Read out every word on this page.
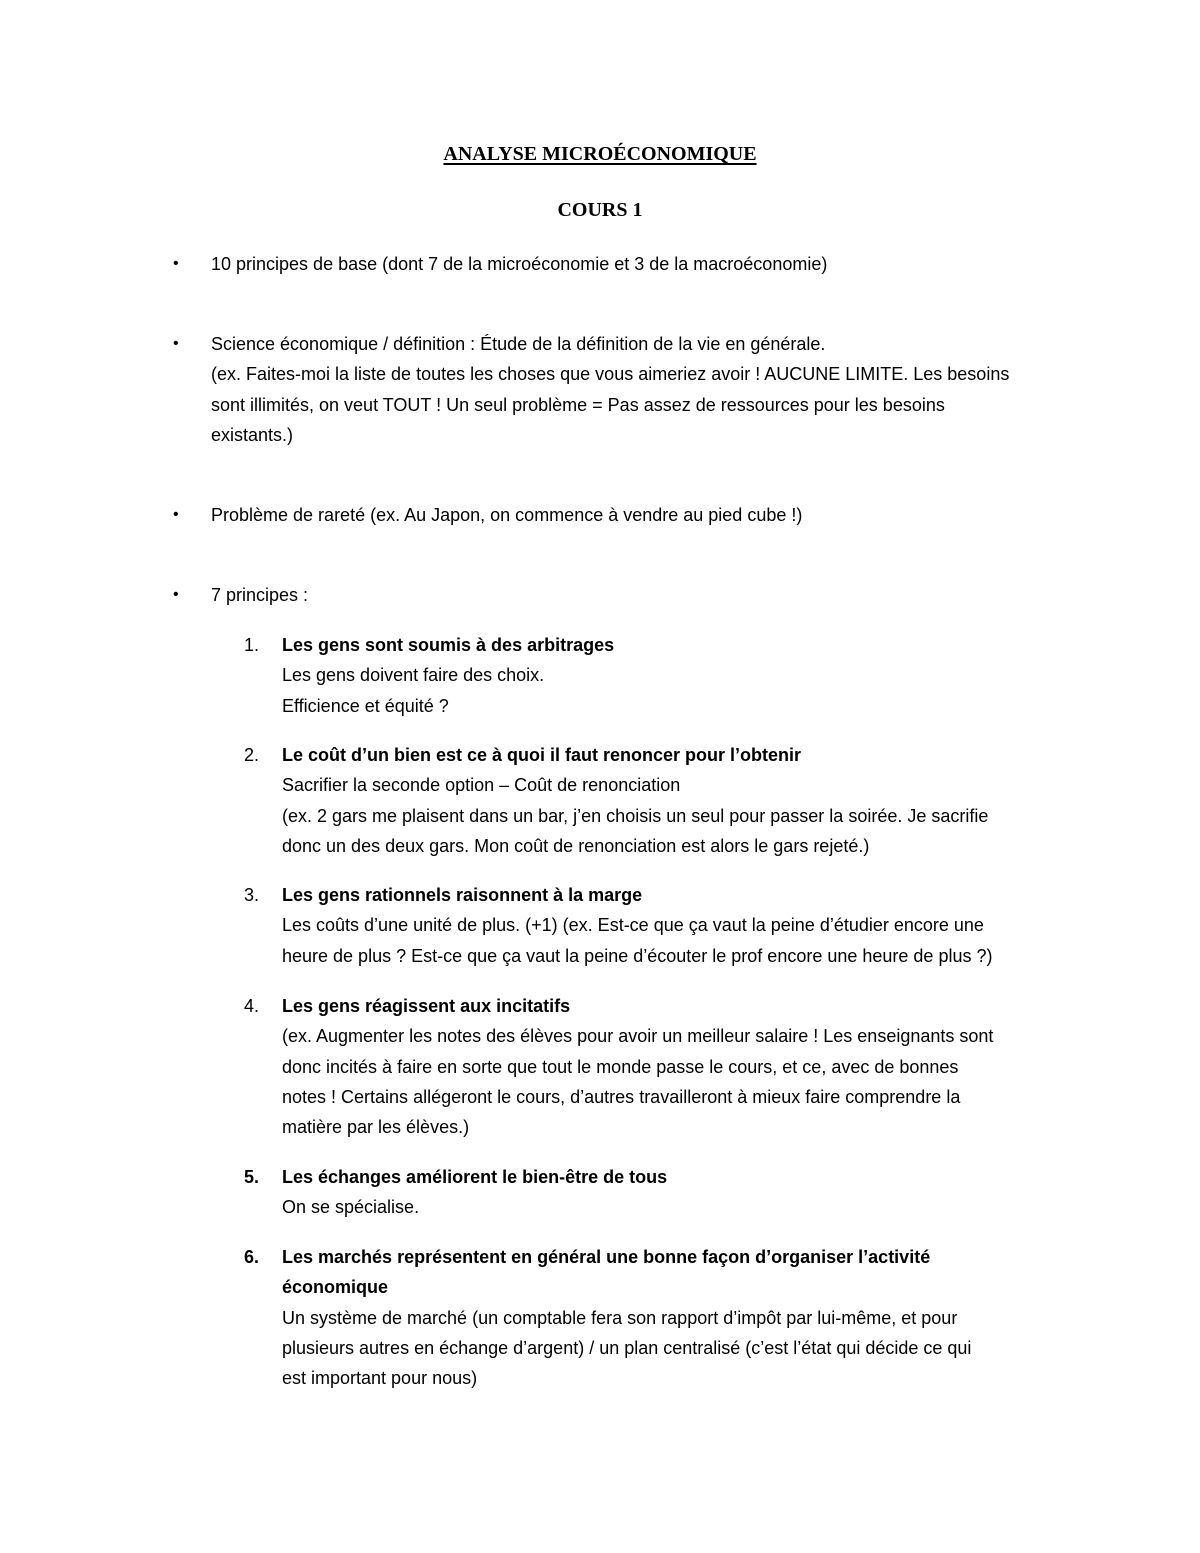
ANALYSE MICROÉCONOMIQUE
COURS 1
•	10 principes de base (dont 7 de la microéconomie et 3 de la macroéconomie)
•	Science économique / définition : Étude de la définition de la vie en générale.
(ex. Faites-moi la liste de toutes les choses que vous aimeriez avoir ! AUCUNE LIMITE. Les besoins
sont illimités, on veut TOUT ! Un seul problème = Pas assez de ressources pour les besoins
existants.)
•	Problème de rareté (ex. Au Japon, on commence à vendre au pied cube !)
•	7 principes :
1.	Les gens sont soumis à des arbitrages
Les gens doivent faire des choix.
Efficience et équité ?
2.	Le coût d’un bien est ce à quoi il faut renoncer pour l’obtenir
Sacrifier la seconde option – Coût de renonciation
(ex. 2 gars me plaisent dans un bar, j’en choisis un seul pour passer la soirée. Je sacrifie
donc un des deux gars. Mon coût de renonciation est alors le gars rejeté.)
3.	Les gens rationnels raisonnent à la marge
Les coûts d’une unité de plus. (+1) (ex. Est-ce que ça vaut la peine d’étudier encore une
heure de plus ? Est-ce que ça vaut la peine d’écouter le prof encore une heure de plus ?)
4.	Les gens réagissent aux incitatifs
(ex. Augmenter les notes des élèves pour avoir un meilleur salaire ! Les enseignants sont
donc incités à faire en sorte que tout le monde passe le cours, et ce, avec de bonnes
notes ! Certains allégeront le cours, d’autres travailleront à mieux faire comprendre la
matière par les élèves.)
5.	Les échanges améliorent le bien-être de tous
On se spécialise.
6.	Les marchés représentent en général une bonne façon d’organiser l’activité
économique
Un système de marché (un comptable fera son rapport d’impôt par lui-même, et pour
plusieurs autres en échange d’argent) / un plan centralisé (c’est l’état qui décide ce qui
est important pour nous)
